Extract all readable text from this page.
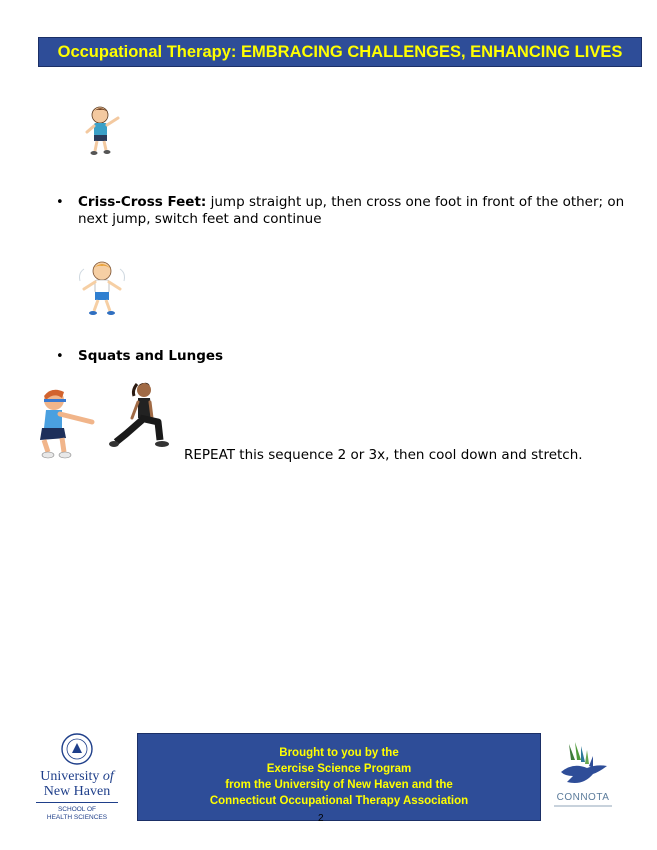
Occupational Therapy: EMBRACING CHALLENGES, ENHANCING LIVES
• Criss-Cross Feet: jump straight up, then cross one foot in front of the other; on
next jump, switch feet and continue
• Squats and Lunges
REPEAT this sequence 2 or 3x, then cool down and stretch.
University of
New Haven
SCHOOL OF
HEALTH SCIENCES
Brought to you by the
Exercise Science Program
from the University of New Haven and the
Connecticut Occupational Therapy Association	CONNOTA
2
